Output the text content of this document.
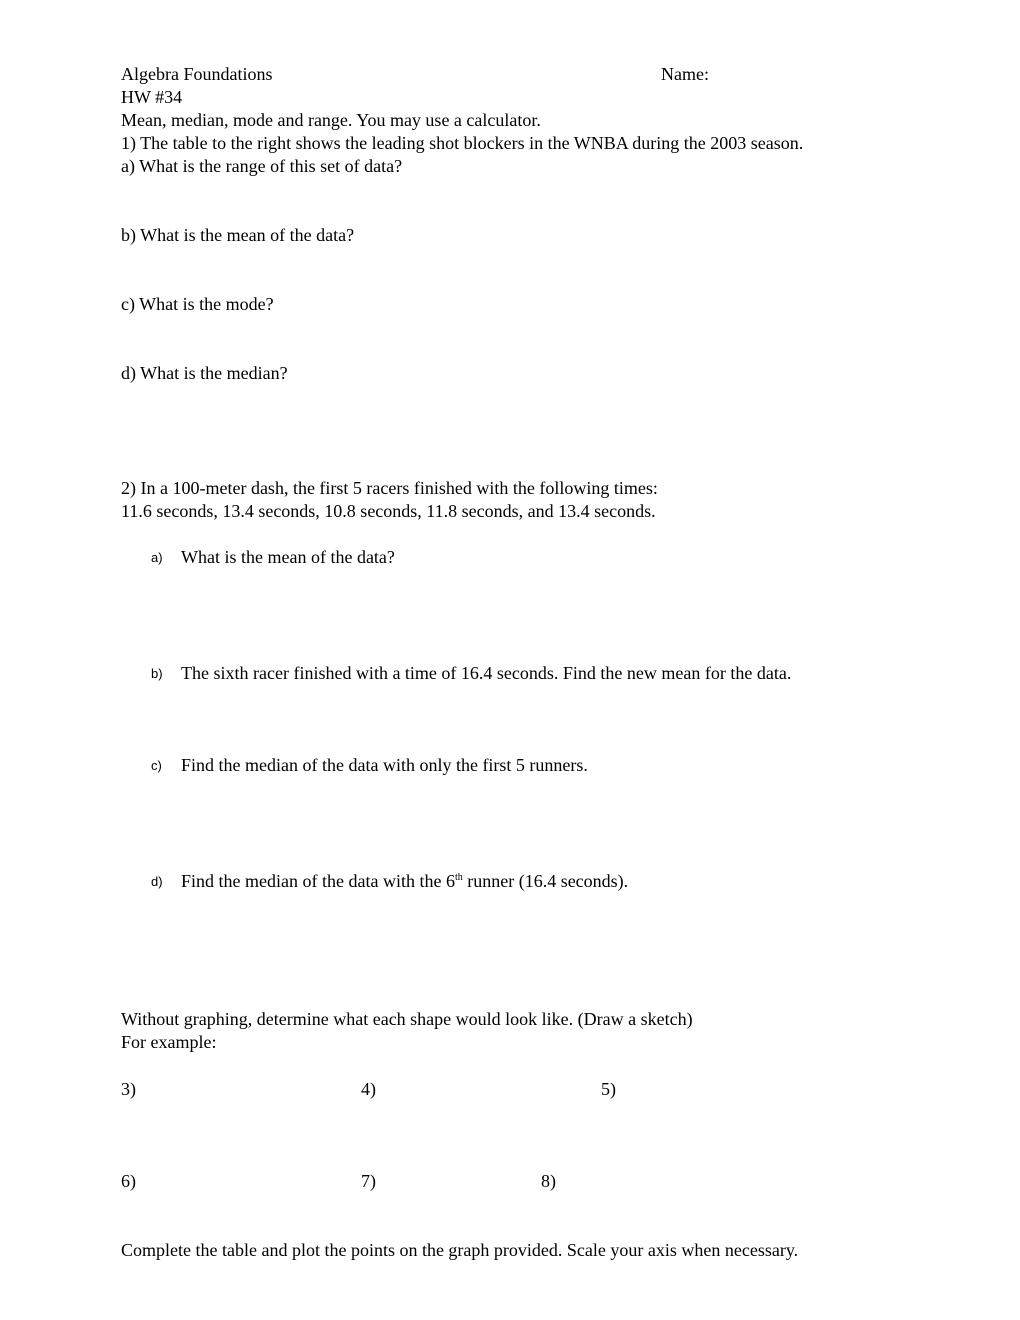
Algebra Foundations	Name:
HW #34
Mean, median, mode and range. You may use a calculator.
1) The table to the right shows the leading shot blockers in the WNBA during the 2003 season.
a) What is the range of this set of data?
b) What is the mean of the data?
c) What is the mode?
d) What is the median?
2) In a 100-meter dash, the first 5 racers finished with the following times:
11.6 seconds, 13.4 seconds, 10.8 seconds, 11.8 seconds, and 13.4 seconds.
a) What is the mean of the data?
b) The sixth racer finished with a time of 16.4 seconds. Find the new mean for the data.
c) Find the median of the data with only the first 5 runners.
d) Find the median of the data with the 6th runner (16.4 seconds).
Without graphing, determine what each shape would look like. (Draw a sketch)
For example:
3)	4)	5)
6)	7)	8)
Complete the table and plot the points on the graph provided. Scale your axis when necessary.
